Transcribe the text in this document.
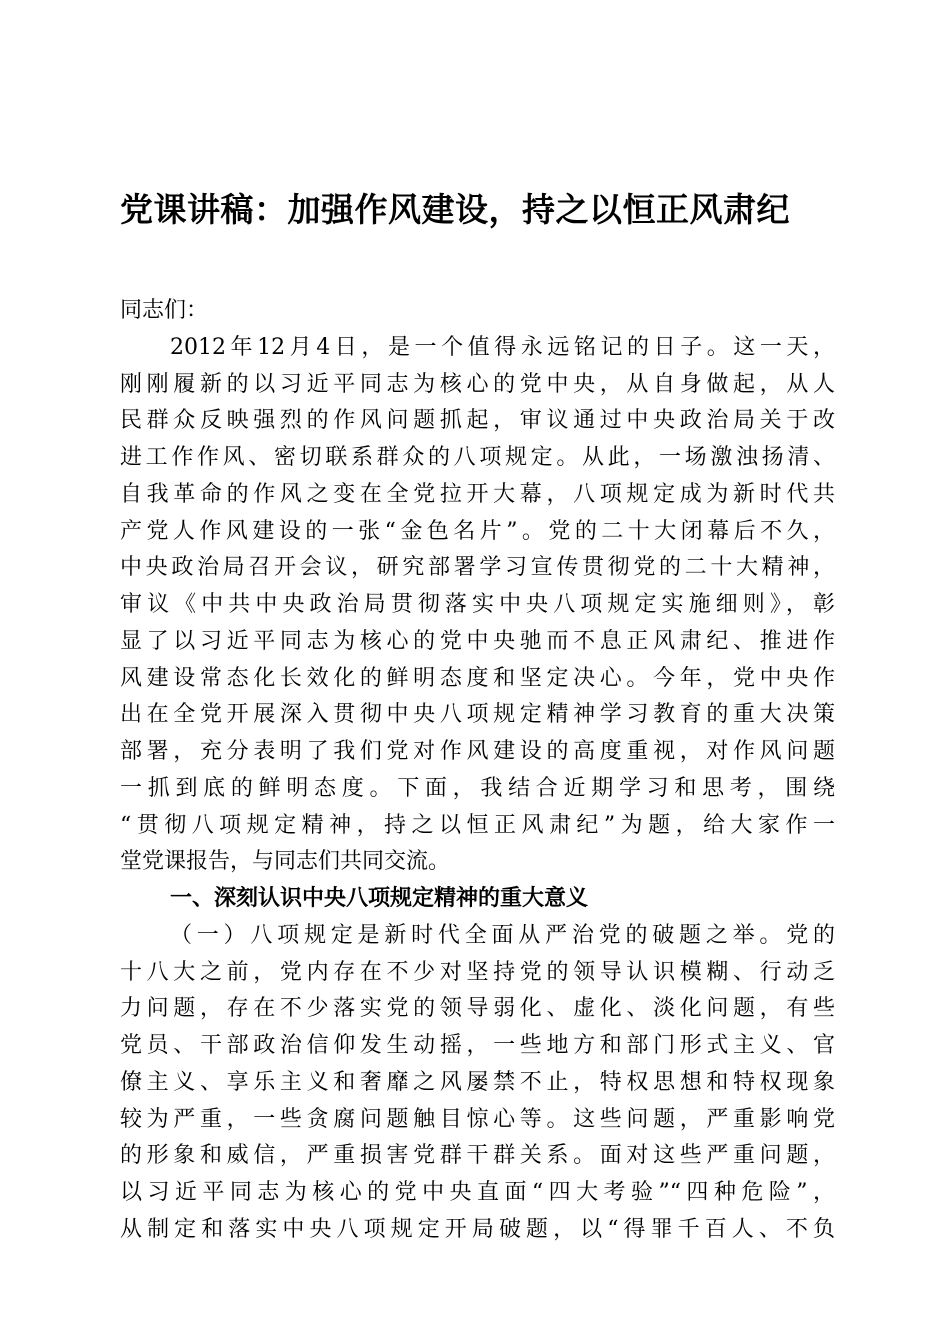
党课讲稿：加强作风建设，持之以恒正风肃纪
同志们：
2012年12月4日，是一个值得永远铭记的日子。这一天，
刚刚履新的以习近平同志为核心的党中央，从自身做起，从人
民群众反映强烈的作风问题抓起，审议通过中央政治局关于改
进工作作风、密切联系群众的八项规定。从此，一场激浊扬清、
自我革命的作风之变在全党拉开大幕，八项规定成为新时代共
产党人作风建设的一张“金色名片”。党的二十大闭幕后不久，
中央政治局召开会议，研究部署学习宣传贯彻党的二十大精神，
审议《中共中央政治局贯彻落实中央八项规定实施细则》，彰
显了以习近平同志为核心的党中央驰而不息正风肃纪、推进作
风建设常态化长效化的鲜明态度和坚定决心。今年，党中央作
出在全党开展深入贯彻中央八项规定精神学习教育的重大决策
部署，充分表明了我们党对作风建设的高度重视，对作风问题
一抓到底的鲜明态度。下面，我结合近期学习和思考，围绕
“贯彻八项规定精神，持之以恒正风肃纪”为题，给大家作一
堂党课报告，与同志们共同交流。
一、深刻认识中央八项规定精神的重大意义
（一）八项规定是新时代全面从严治党的破题之举。党的
十八大之前，党内存在不少对坚持党的领导认识模糊、行动乏
力问题，存在不少落实党的领导弱化、虚化、淡化问题，有些
党员、干部政治信仰发生动摇，一些地方和部门形式主义、官
僚主义、享乐主义和奢靡之风屡禁不止，特权思想和特权现象
较为严重，一些贪腐问题触目惊心等。这些问题，严重影响党
的形象和威信，严重损害党群干群关系。面对这些严重问题，
以习近平同志为核心的党中央直面“四大考验”“四种危险”，
从制定和落实中央八项规定开局破题，以“得罪千百人、不负
